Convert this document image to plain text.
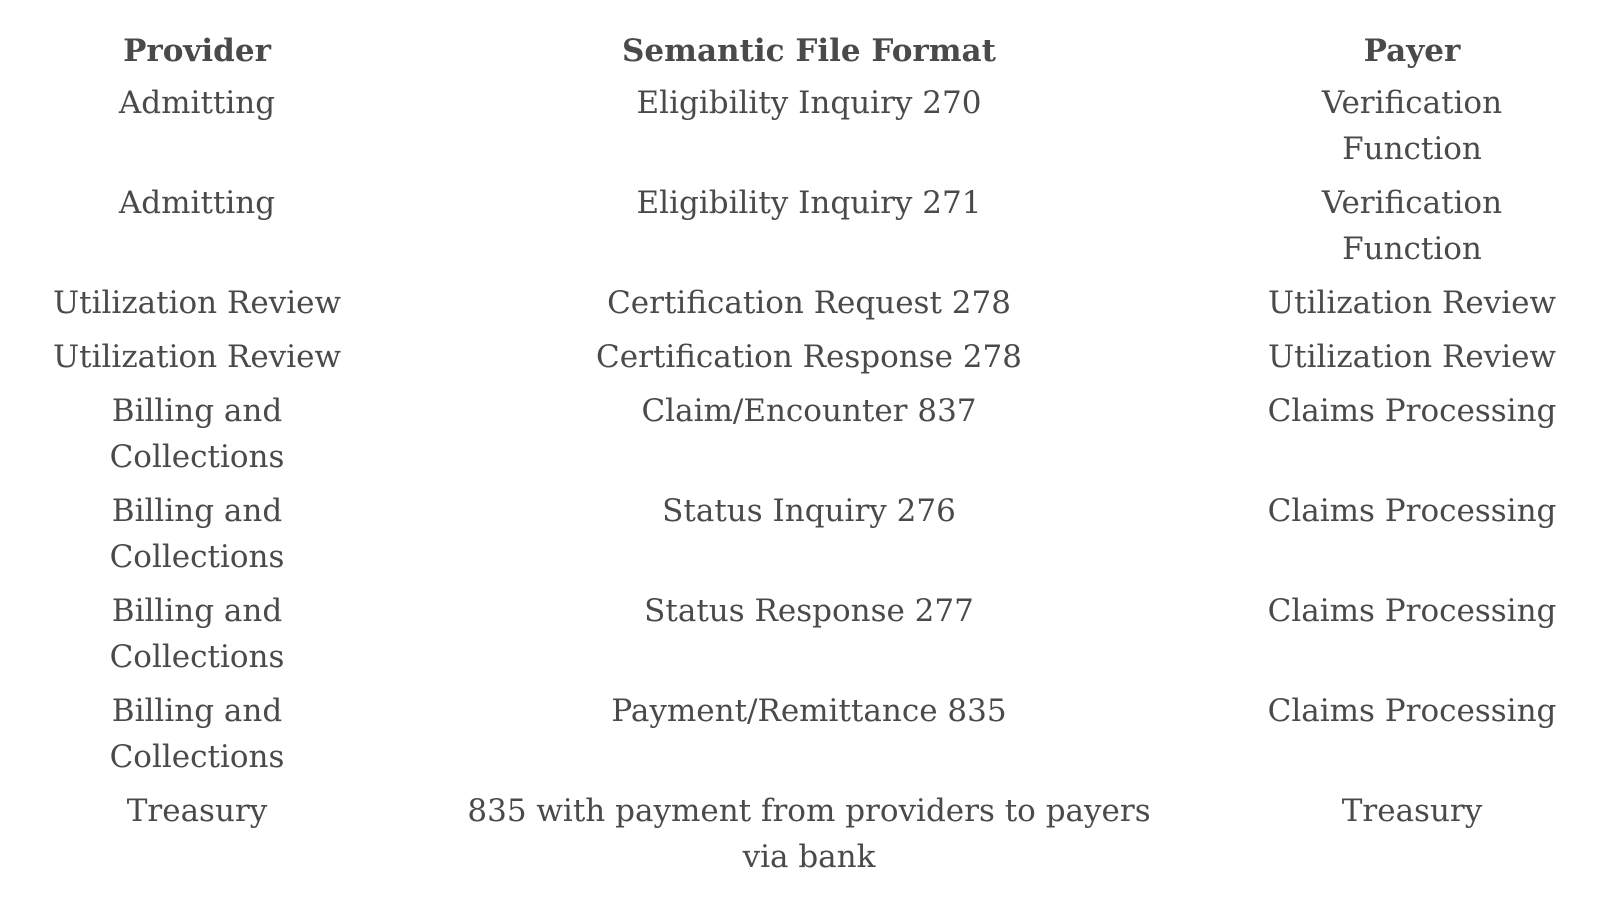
Provider	Semantic File Format	Payer
Admitting	Eligibility Inquiry 270	Verification Function
Admitting	Eligibility Inquiry 271	Verification Function
Utilization Review	Certification Request 278	Utilization Review
Utilization Review	Certification Response 278	Utilization Review
Billing and Collections	Claim/Encounter 837	Claims Processing
Billing and Collections	Status Inquiry 276	Claims Processing
Billing and Collections	Status Response 277	Claims Processing
Billing and Collections	Payment/Remittance 835	Claims Processing
Treasury	835 with payment from providers to payers via bank	Treasury
